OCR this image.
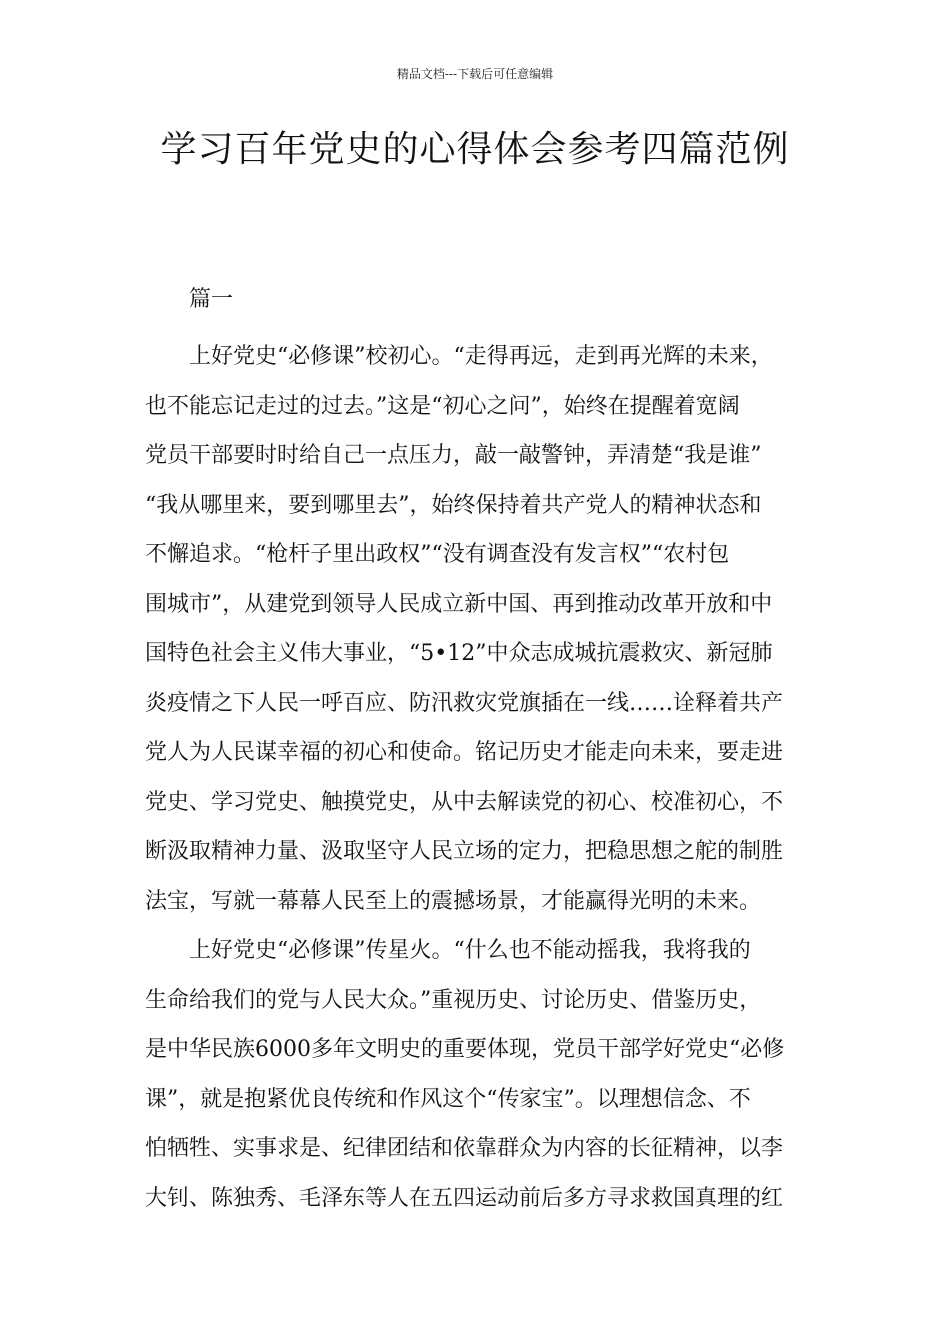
精品文档---下载后可任意编辑
学习百年党史的心得体会参考四篇范例
篇一
上好党史“必修课”校初心。“走得再远，走到再光辉的未来，
也不能忘记走过的过去。”这是“初心之问”，始终在提醒着宽阔
党员干部要时时给自己一点压力，敲一敲警钟，弄清楚“我是谁”
“我从哪里来，要到哪里去”，始终保持着共产党人的精神状态和
不懈追求。“枪杆子里出政权”“没有调查没有发言权”“农村包
围城市”，从建党到领导人民成立新中国、再到推动改革开放和中
国特色社会主义伟大事业，“5•12”中众志成城抗震救灾、新冠肺
炎疫情之下人民一呼百应、防汛救灾党旗插在一线……诠释着共产
党人为人民谋幸福的初心和使命。铭记历史才能走向未来，要走进
党史、学习党史、触摸党史，从中去解读党的初心、校准初心，不
断汲取精神力量、汲取坚守人民立场的定力，把稳思想之舵的制胜
法宝，写就一幕幕人民至上的震撼场景，才能赢得光明的未来。
上好党史“必修课”传星火。“什么也不能动摇我，我将我的
生命给我们的党与人民大众。”重视历史、讨论历史、借鉴历史，
是中华民族6000多年文明史的重要体现，党员干部学好党史“必修
课”，就是抱紧优良传统和作风这个“传家宝”。以理想信念、不
怕牺牲、实事求是、纪律团结和依靠群众为内容的长征精神，以李
大钊、陈独秀、毛泽东等人在五四运动前后多方寻求救国真理的红
